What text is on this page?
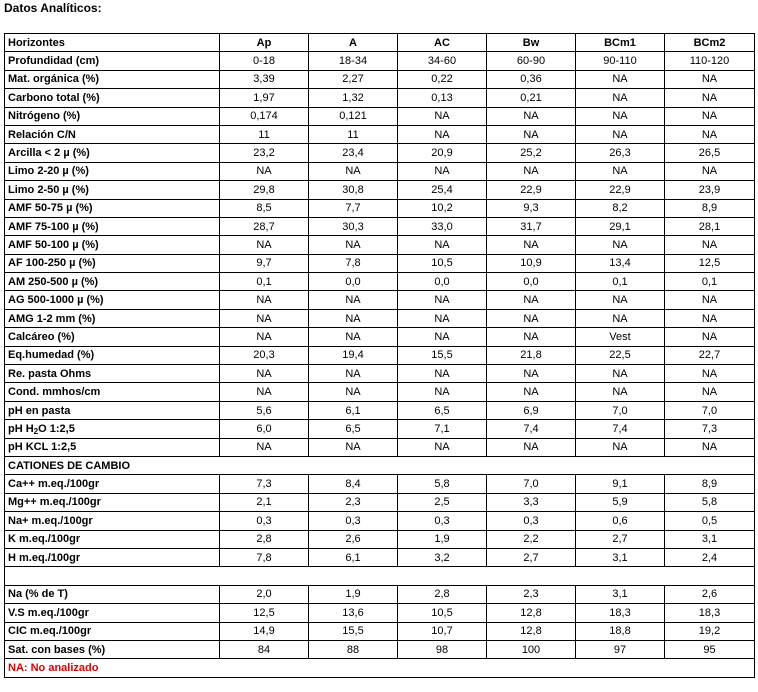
Datos Analíticos:
Horizontes	Ap	A	AC	Bw	BCm1	BCm2
Profundidad (cm)	0-18	18-34	34-60	60-90	90-110	110-120
Mat. orgánica (%)	3,39	2,27	0,22	0,36	NA	NA
Carbono total (%)	1,97	1,32	0,13	0,21	NA	NA
Nitrógeno (%)	0,174	0,121	NA	NA	NA	NA
Relación C/N	11	11	NA	NA	NA	NA
Arcilla < 2 µ (%)	23,2	23,4	20,9	25,2	26,3	26,5
Limo 2-20 µ (%)	NA	NA	NA	NA	NA	NA
Limo 2-50 µ (%)	29,8	30,8	25,4	22,9	22,9	23,9
AMF 50-75 µ (%)	8,5	7,7	10,2	9,3	8,2	8,9
AMF 75-100 µ (%)	28,7	30,3	33,0	31,7	29,1	28,1
AMF 50-100 µ (%)	NA	NA	NA	NA	NA	NA
AF 100-250 µ (%)	9,7	7,8	10,5	10,9	13,4	12,5
AM 250-500 µ (%)	0,1	0,0	0,0	0,0	0,1	0,1
AG 500-1000 µ (%)	NA	NA	NA	NA	NA	NA
AMG 1-2 mm (%)	NA	NA	NA	NA	NA	NA
Calcáreo (%)	NA	NA	NA	NA	Vest	NA
Eq.humedad (%)	20,3	19,4	15,5	21,8	22,5	22,7
Re. pasta Ohms	NA	NA	NA	NA	NA	NA
Cond. mmhos/cm	NA	NA	NA	NA	NA	NA
pH en pasta	5,6	6,1	6,5	6,9	7,0	7,0
pH $H_2O$ 1:2,5	6,0	6,5	7,1	7,4	7,4	7,3
pH KCL 1:2,5	NA	NA	NA	NA	NA	NA
CATIONES DE CAMBIO						
Ca++ m.eq./100gr	7,3	8,4	5,8	7,0	9,1	8,9
Mg++ m.eq./100gr	2,1	2,3	2,5	3,3	5,9	5,8
Na+ m.eq./100gr	0,3	0,3	0,3	0,3	0,6	0,5
K m.eq./100gr	2,8	2,6	1,9	2,2	2,7	3,1
H m.eq./100gr	7,8	6,1	3,2	2,7	3,1	2,4

Na (% de T)	2,0	1,9	2,8	2,3	3,1	2,6
V.S m.eq./100gr	12,5	13,6	10,5	12,8	18,3	18,3
CIC m.eq./100gr	14,9	15,5	10,7	12,8	18,8	19,2
Sat. con bases (%)	84	88	98	100	97	95
NA: No analizado						
